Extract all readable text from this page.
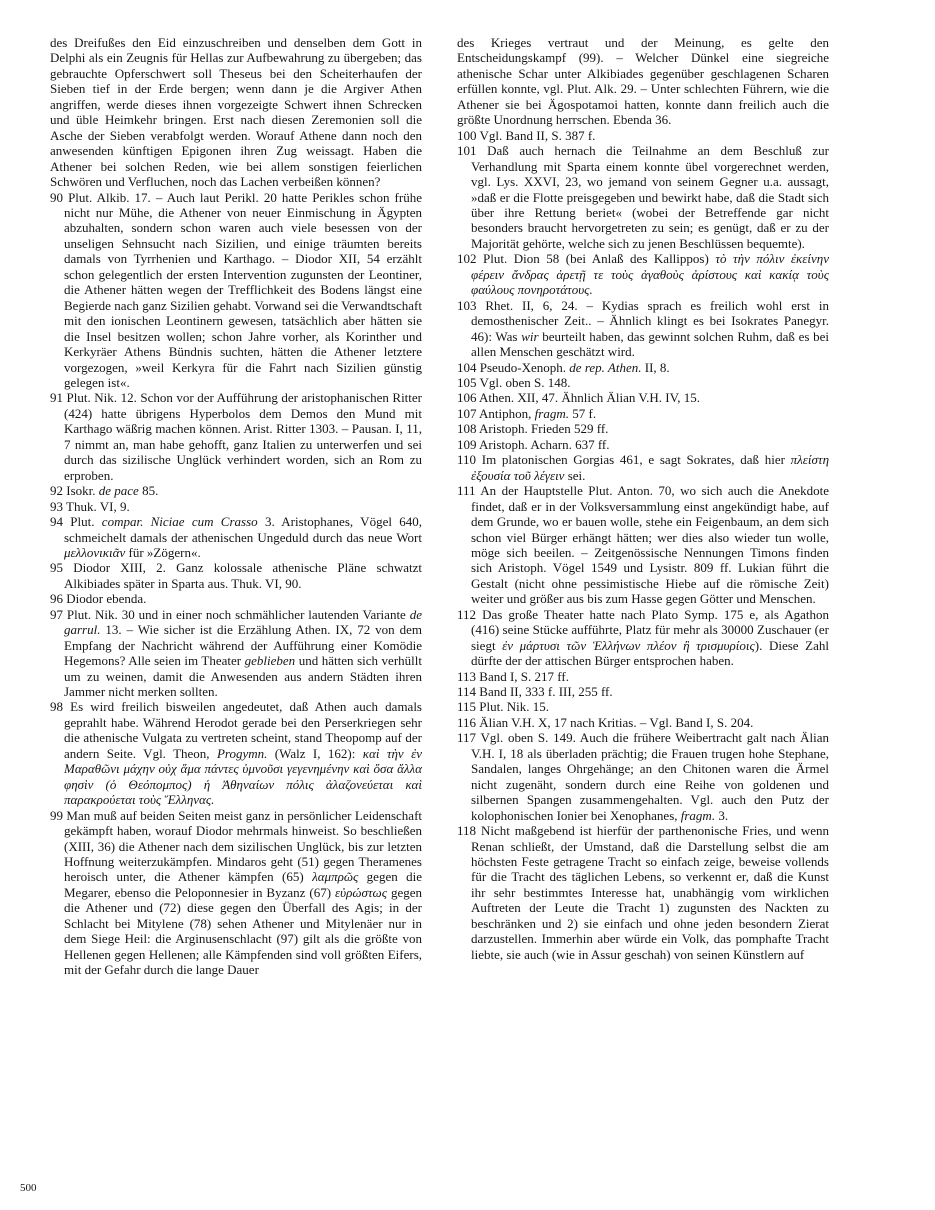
des Dreifußes den Eid einzuschreiben und denselben dem Gott in Delphi als ein Zeugnis für Hellas zur Aufbewahrung zu übergeben; das gebrauchte Opferschwert soll Theseus bei den Scheiterhaufen der Sieben tief in der Erde bergen; wenn dann je die Argiver Athen angriffen, werde dieses ihnen vorgezeigte Schwert ihnen Schrecken und üble Heimkehr bringen. Erst nach diesen Zeremonien soll die Asche der Sieben verabfolgt werden. Worauf Athene dann noch den anwesenden künftigen Epigonen ihren Zug weissagt. Haben die Athener bei solchen Reden, wie bei allem sonstigen feierlichen Schwören und Verfluchen, noch das Lachen verbeißen können?

90 Plut. Alkib. 17. – Auch laut Perikl. 20 hatte Perikles schon frühe nicht nur Mühe, die Athener von neuer Einmischung in Ägypten abzuhalten, sondern schon waren auch viele besessen von der unseligen Sehnsucht nach Sizilien, und einige träumten bereits damals von Tyrrhenien und Karthago. – Diodor XII, 54 erzählt schon gelegentlich der ersten Intervention zugunsten der Leontiner, die Athener hätten wegen der Trefflichkeit des Bodens längst eine Begierde nach ganz Sizilien gehabt. Vorwand sei die Verwandtschaft mit den ionischen Leontinern gewesen, tatsächlich aber hätten sie die Insel besitzen wollen; schon Jahre vorher, als Korinther und Kerkyräer Athens Bündnis suchten, hätten die Athener letztere vorgezogen, »weil Kerkyra für die Fahrt nach Sizilien günstig gelegen ist«.

91 Plut. Nik. 12. Schon vor der Aufführung der aristophanischen Ritter (424) hatte übrigens Hyperbolos dem Demos den Mund mit Karthago wäßrig machen können. Arist. Ritter 1303. – Pausan. I, 11, 7 nimmt an, man habe gehofft, ganz Italien zu unterwerfen und sei durch das sizilische Unglück verhindert worden, sich an Rom zu erproben.

92 Isokr. de pace 85.

93 Thuk. VI, 9.

94 Plut. compar. Niciae cum Crasso 3. Aristophanes, Vögel 640, schmeichelt damals der athenischen Ungeduld durch das neue Wort μελλονικιᾶν für »Zögern«.

95 Diodor XIII, 2. Ganz kolossale athenische Pläne schwatzt Alkibiades später in Sparta aus. Thuk. VI, 90.

96 Diodor ebenda.

97 Plut. Nik. 30 und in einer noch schmählicher lautenden Variante de garrul. 13. – Wie sicher ist die Erzählung Athen. IX, 72 von dem Empfang der Nachricht während der Aufführung einer Komödie Hegemons? Alle seien im Theater geblieben und hätten sich verhüllt um zu weinen, damit die Anwesenden aus andern Städten ihren Jammer nicht merken sollten.

98 Es wird freilich bisweilen angedeutet, daß Athen auch damals geprahlt habe. Während Herodot gerade bei den Perserkriegen sehr die athenische Vulgata zu vertreten scheint, stand Theopomp auf der andern Seite. Vgl. Theon, Progymn. (Walz I, 162): καὶ τὴν ἐν Μαραθῶνι μάχην οὐχ ἅμα πάντες ὑμνοῦσι γεγενημένην καὶ ὅσα ἄλλα φησὶν (ὁ Θεόπομπος) ἡ Ἀθηναίων πόλις ἀλαζονεύεται καὶ παρακρούεται τοὺς Ἕλληνας.

99 Man muß auf beiden Seiten meist ganz in persönlicher Leidenschaft gekämpft haben, worauf Diodor mehrmals hinweist. So beschließen (XIII, 36) die Athener nach dem sizilischen Unglück, bis zur letzten Hoffnung weiterzukämpfen. Mindaros geht (51) gegen Theramenes heroisch unter, die Athener kämpfen (65) λαμπρῶς gegen die Megarer, ebenso die Peloponnesier in Byzanz (67) εὐρώστως gegen die Athener und (72) diese gegen den Überfall des Agis; in der Schlacht bei Mitylene (78) sehen Athener und Mitylenäer nur in dem Siege Heil: die Arginusenschlacht (97) gilt als die größte von Hellenen gegen Hellenen; alle Kämpfenden sind voll größten Eifers, mit der Gefahr durch die lange Dauer

des Krieges vertraut und der Meinung, es gelte den Entscheidungskampf (99). – Welcher Dünkel eine siegreiche athenische Schar unter Alkibiades gegenüber geschlagenen Scharen erfüllen konnte, vgl. Plut. Alk. 29. – Unter schlechten Führern, wie die Athener sie bei Ägospotamoi hatten, konnte dann freilich auch die größte Unordnung herrschen. Ebenda 36.

100 Vgl. Band II, S. 387 f.

101 Daß auch hernach die Teilnahme an dem Beschluß zur Verhandlung mit Sparta einem konnte übel vorgerechnet werden, vgl. Lys. XXVI, 23, wo jemand von seinem Gegner u.a. aussagt, »daß er die Flotte preisgegeben und bewirkt habe, daß die Stadt sich über ihre Rettung beriet« (wobei der Betreffende gar nicht besonders braucht hervorgetreten zu sein; es genügt, daß er zu der Majorität gehörte, welche sich zu jenen Beschlüssen bequemte).

102 Plut. Dion 58 (bei Anlaß des Kallippos) τὸ τὴν πόλιν ἐκείνην φέρειν ἄνδρας ἀρετῇ τε τοὺς ἀγαθοὺς ἀρίστους καὶ κακίᾳ τοὺς φαύλους πονηροτάτους.

103 Rhet. II, 6, 24. – Kydias sprach es freilich wohl erst in demosthenischer Zeit.. – Ähnlich klingt es bei Isokrates Panegyr. 46): Was wir beurteilt haben, das gewinnt solchen Ruhm, daß es bei allen Menschen geschätzt wird.

104 Pseudo-Xenoph. de rep. Athen. II, 8.

105 Vgl. oben S. 148.

106 Athen. XII, 47. Ähnlich Älian V.H. IV, 15.

107 Antiphon, fragm. 57 f.

108 Aristoph. Frieden 529 ff.

109 Aristoph. Acharn. 637 ff.

110 Im platonischen Gorgias 461, e sagt Sokrates, daß hier πλείστη ἐξουσία τοῦ λέγειν sei.

111 An der Hauptstelle Plut. Anton. 70, wo sich auch die Anekdote findet, daß er in der Volksversammlung einst angekündigt habe, auf dem Grunde, wo er bauen wolle, stehe ein Feigenbaum, an dem sich schon viel Bürger erhängt hätten; wer dies also wieder tun wolle, möge sich beeilen. – Zeitgenössische Nennungen Timons finden sich Aristoph. Vögel 1549 und Lysistr. 809 ff. Lukian führt die Gestalt (nicht ohne pessimistische Hiebe auf die römische Zeit) weiter und größer aus bis zum Hasse gegen Götter und Menschen.

112 Das große Theater hatte nach Plato Symp. 175 e, als Agathon (416) seine Stücke aufführte, Platz für mehr als 30000 Zuschauer (er siegt ἐν μάρτυσι τῶν Ἑλλήνων πλέον ἢ τρισμυρίοις). Diese Zahl dürfte der der attischen Bürger entsprochen haben.

113 Band I, S. 217 ff.

114 Band II, 333 f. III, 255 ff.

115 Plut. Nik. 15.

116 Älian V.H. X, 17 nach Kritias. – Vgl. Band I, S. 204.

117 Vgl. oben S. 149. Auch die frühere Weibertracht galt nach Älian V.H. I, 18 als überladen prächtig; die Frauen trugen hohe Stephane, Sandalen, langes Ohrgehänge; an den Chitonen waren die Ärmel nicht zugenäht, sondern durch eine Reihe von goldenen und silbernen Spangen zusammengehalten. Vgl. auch den Putz der kolophonischen Ionier bei Xenophanes, fragm. 3.

118 Nicht maßgebend ist hierfür der parthenonische Fries, und wenn Renan schließt, der Umstand, daß die Darstellung selbst die am höchsten Feste getragene Tracht so einfach zeige, beweise vollends für die Tracht des täglichen Lebens, so verkennt er, daß die Kunst ihr sehr bestimmtes Interesse hat, unabhängig vom wirklichen Auftreten der Leute die Tracht 1) zugunsten des Nackten zu beschränken und 2) sie einfach und ohne jeden besondern Zierat darzustellen. Immerhin aber würde ein Volk, das pomphafte Tracht liebte, sie auch (wie in Assur geschah) von seinen Künstlern auf

500
